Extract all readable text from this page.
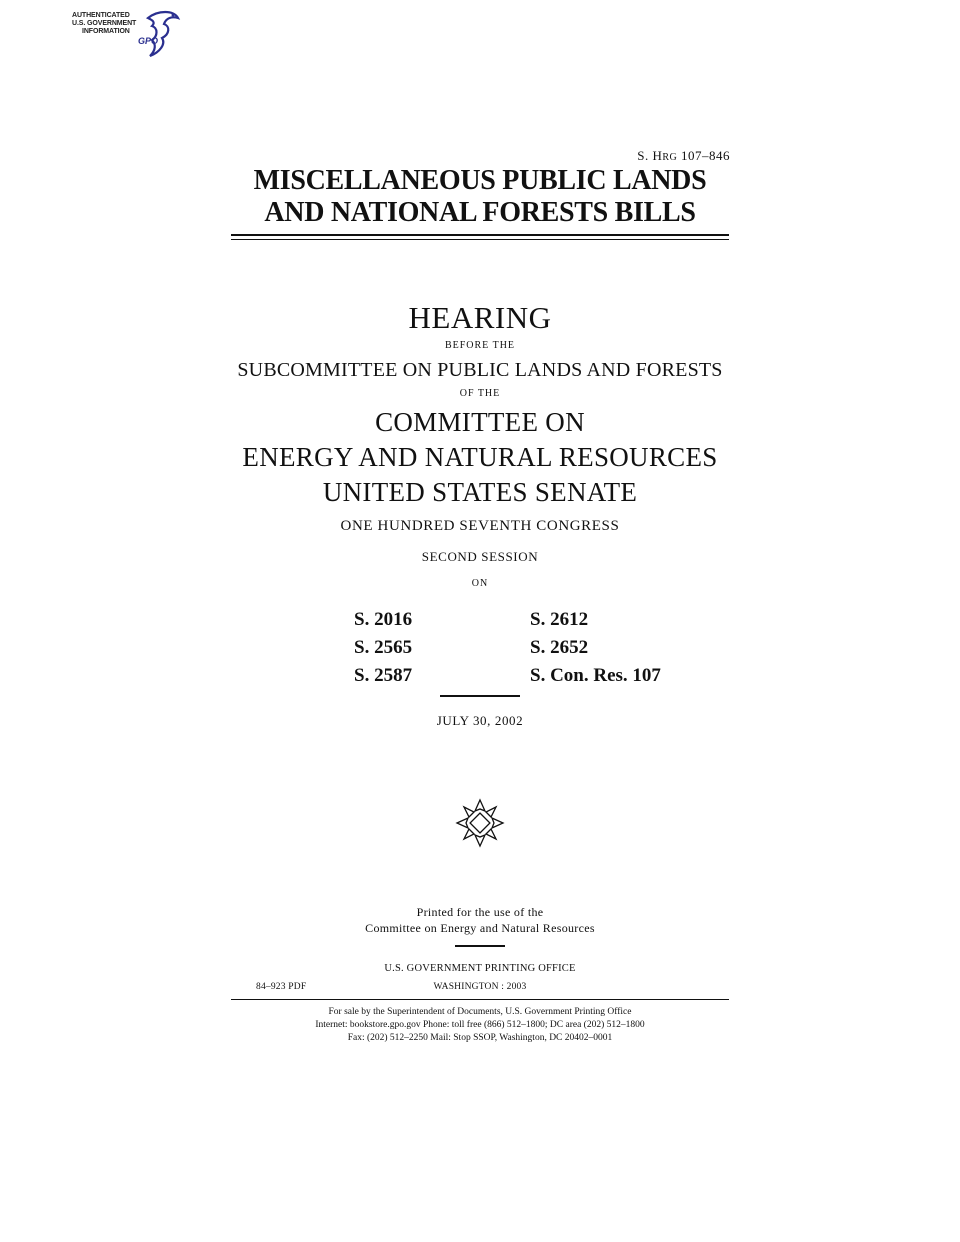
AUTHENTICATED
U.S. GOVERNMENT
INFORMATION
GPO
S. HRG 107–846
MISCELLANEOUS PUBLIC LANDS
AND NATIONAL FORESTS BILLS
HEARING
BEFORE THE
SUBCOMMITTEE ON PUBLIC LANDS AND FORESTS
OF THE
COMMITTEE ON
ENERGY AND NATURAL RESOURCES
UNITED STATES SENATE
ONE HUNDRED SEVENTH CONGRESS
SECOND SESSION
ON
S. 2016
S. 2565
S. 2587
S. 2612
S. 2652
S. Con. Res. 107
JULY 30, 2002
Printed for the use of the
Committee on Energy and Natural Resources
U.S. GOVERNMENT PRINTING OFFICE
84–923 PDF	WASHINGTON : 2003
For sale by the Superintendent of Documents, U.S. Government Printing Office
Internet: bookstore.gpo.gov Phone: toll free (866) 512–1800; DC area (202) 512–1800
Fax: (202) 512–2250 Mail: Stop SSOP, Washington, DC 20402–0001
